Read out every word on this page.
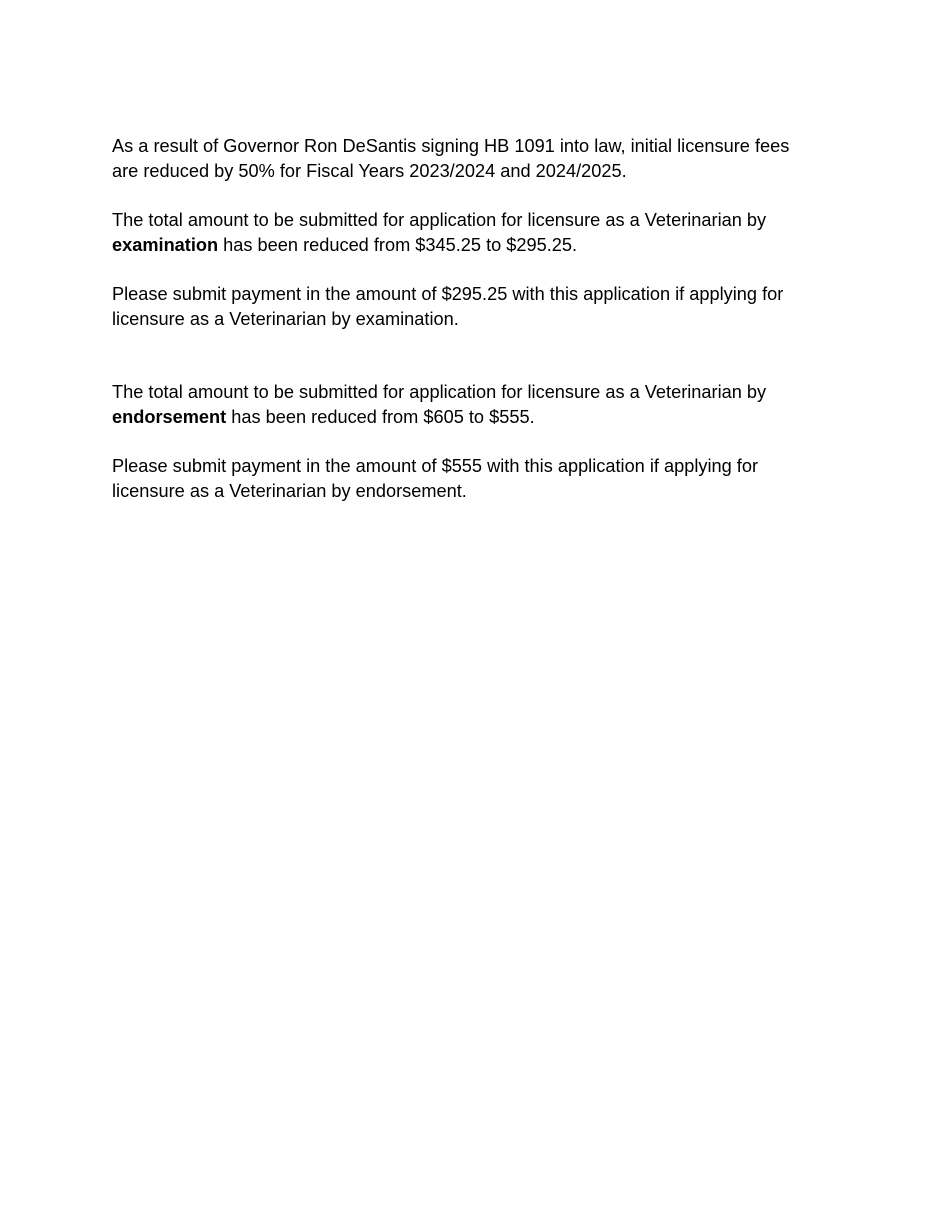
As a result of Governor Ron DeSantis signing HB 1091 into law, initial licensure fees
are reduced by 50% for Fiscal Years 2023/2024 and 2024/2025.

The total amount to be submitted for application for licensure as a Veterinarian by
examination has been reduced from $345.25 to $295.25.

Please submit payment in the amount of $295.25 with this application if applying for
licensure as a Veterinarian by examination.

The total amount to be submitted for application for licensure as a Veterinarian by
endorsement has been reduced from $605 to $555.

Please submit payment in the amount of $555 with this application if applying for
licensure as a Veterinarian by endorsement.
